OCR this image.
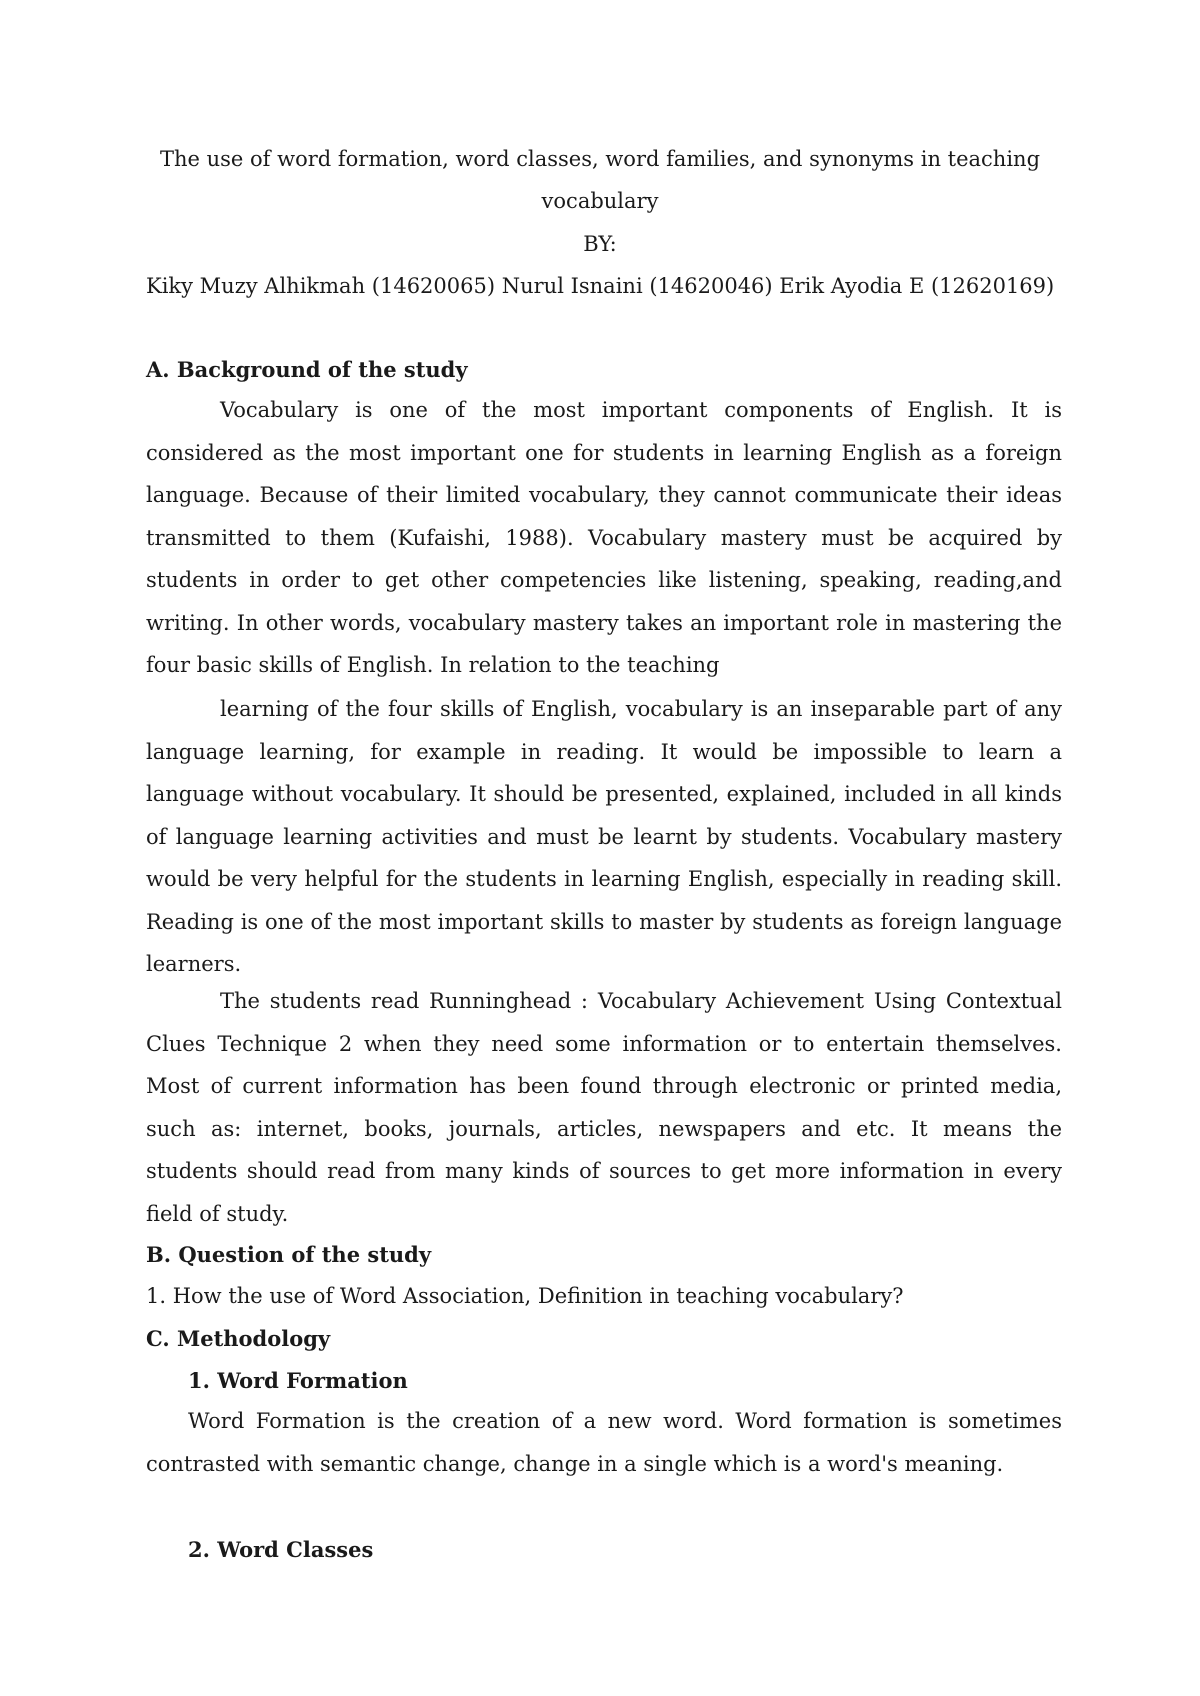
The use of word formation, word classes, word families, and synonyms in teaching
vocabulary
BY:
Kiky Muzy Alhikmah (14620065) Nurul Isnaini (14620046) Erik Ayodia E (12620169)
A. Background of the study
Vocabulary is one of the most important components of English. It is considered as the most important one for students in learning English as a foreign language. Because of their limited vocabulary, they cannot communicate their ideas transmitted to them (Kufaishi, 1988). Vocabulary mastery must be acquired by students in order to get other competencies like listening, speaking, reading,and writing. In other words, vocabulary mastery takes an important role in mastering the four basic skills of English. In relation to the teaching
learning of the four skills of English, vocabulary is an inseparable part of any language learning, for example in reading. It would be impossible to learn a language without vocabulary. It should be presented, explained, included in all kinds of language learning activities and must be learnt by students. Vocabulary mastery would be very helpful for the students in learning English, especially in reading skill. Reading is one of the most important skills to master by students as foreign language learners.
The students read Runninghead : Vocabulary Achievement Using Contextual Clues Technique 2 when they need some information or to entertain themselves. Most of current information has been found through electronic or printed media, such as: internet, books, journals, articles, newspapers and etc. It means the students should read from many kinds of sources to get more information in every field of study.
B. Question of the study
1. How the use of Word Association, Definition in teaching vocabulary?
C. Methodology
1. Word Formation
Word Formation is the creation of a new word. Word formation is sometimes contrasted with semantic change, change in a single which is a word's meaning.
2. Word Classes
